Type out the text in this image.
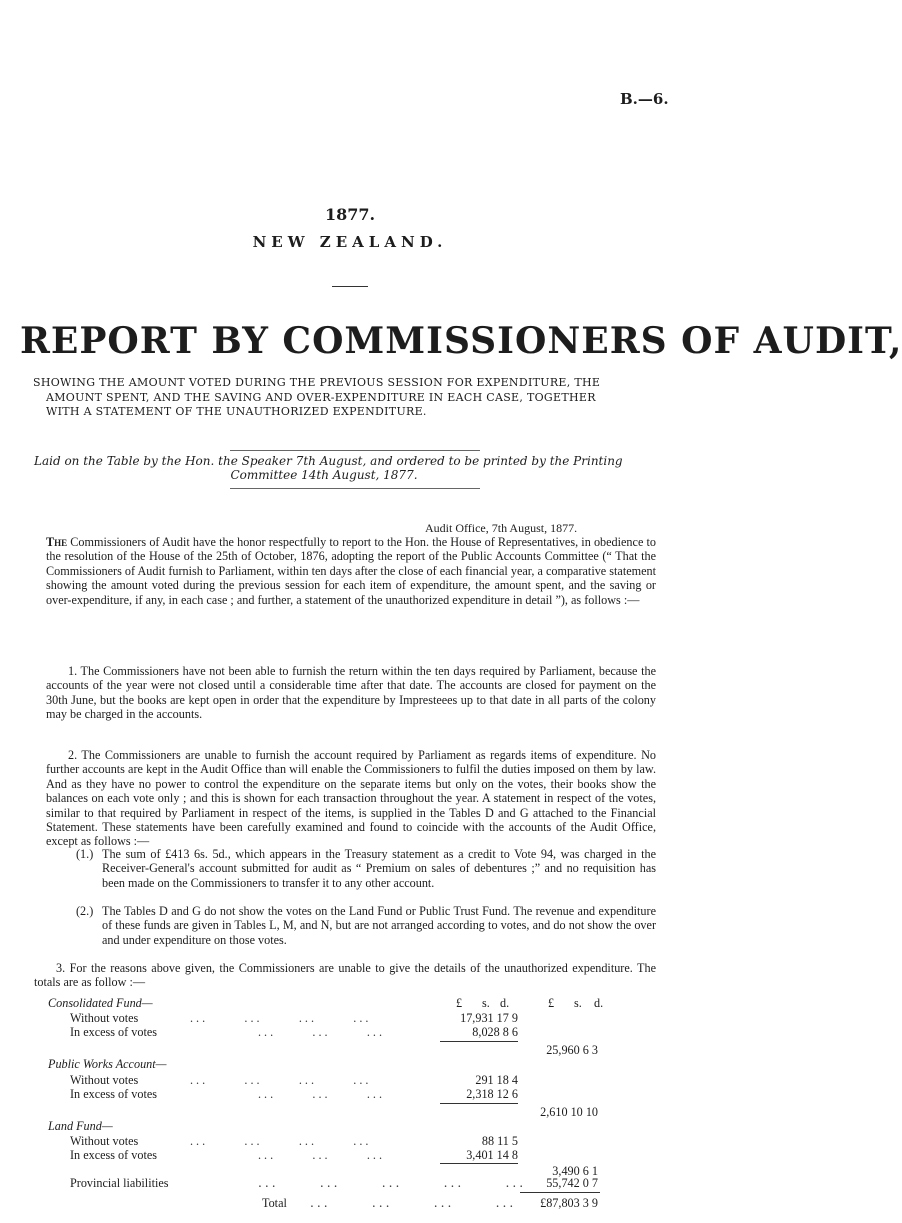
B.—6.
1877.
NEW ZEALAND.
REPORT BY COMMISSIONERS OF AUDIT,
SHOWING THE AMOUNT VOTED DURING THE PREVIOUS SESSION FOR EXPENDITURE, THE
AMOUNT SPENT, AND THE SAVING AND OVER-EXPENDITURE IN EACH CASE, TOGETHER
WITH A STATEMENT OF THE UNAUTHORIZED EXPENDITURE.
Laid on the Table by the Hon. the Speaker 7th August, and ordered to be printed by the Printing
Committee 14th August, 1877.
Audit Office, 7th August, 1877.
The Commissioners of Audit have the honor respectfully to report to the Hon. the House of Representatives, in obedience to the resolution of the House of the 25th of October, 1876, adopting the report of the Public Accounts Committee (“ That the Commissioners of Audit furnish to Parliament, within ten days after the close of each financial year, a comparative statement showing the amount voted during the previous session for each item of expenditure, the amount spent, and the saving or over-expenditure, if any, in each case ; and further, a statement of the unauthorized expenditure in detail ”), as follows :—
1. The Commissioners have not been able to furnish the return within the ten days required by Parliament, because the accounts of the year were not closed until a considerable time after that date. The accounts are closed for payment on the 30th June, but the books are kept open in order that the expenditure by Impresteees up to that date in all parts of the colony may be charged in the accounts.
2. The Commissioners are unable to furnish the account required by Parliament as regards items of expenditure. No further accounts are kept in the Audit Office than will enable the Commissioners to fulfil the duties imposed on them by law. And as they have no power to control the expenditure on the separate items but only on the votes, their books show the balances on each vote only ; and this is shown for each transaction throughout the year. A statement in respect of the votes, similar to that required by Parliament in respect of the items, is supplied in the Tables D and G attached to the Financial Statement. These statements have been carefully examined and found to coincide with the accounts of the Audit Office, except as follows :—
(1.) The sum of £413 6s. 5d., which appears in the Treasury statement as a credit to Vote 94, was charged in the Receiver-General's account submitted for audit as “ Premium on sales of debentures ;” and no requisition has been made on the Commissioners to transfer it to any other account.
(2.) The Tables D and G do not show the votes on the Land Fund or Public Trust Fund. The revenue and expenditure of these funds are given in Tables L, M, and N, but are not arranged according to votes, and do not show the over and under expenditure on those votes.
3. For the reasons above given, the Commissioners are unable to give the details of the unauthorized expenditure. The totals are as follow :—
£ s. d.	£ s. d.
Consolidated Fund—
Without votes	...      ...      ...      ...	17,931 17 9
In excess of votes	...      ...      ...	8,028 8 6
25,960 6 3
Public Works Account—
Without votes	...      ...      ...      ...	291 18 4
In excess of votes	...      ...      ...	2,318 12 6
2,610 10 10
Land Fund—
Without votes	...      ...      ...      ...	88 11 5
In excess of votes	...      ...      ...	3,401 14 8
3,490 6 1
Provincial liabilities	...      ...      ...      ...      ...	55,742 0 7
Total ...      ...      ...      ...	£87,803 3 9
